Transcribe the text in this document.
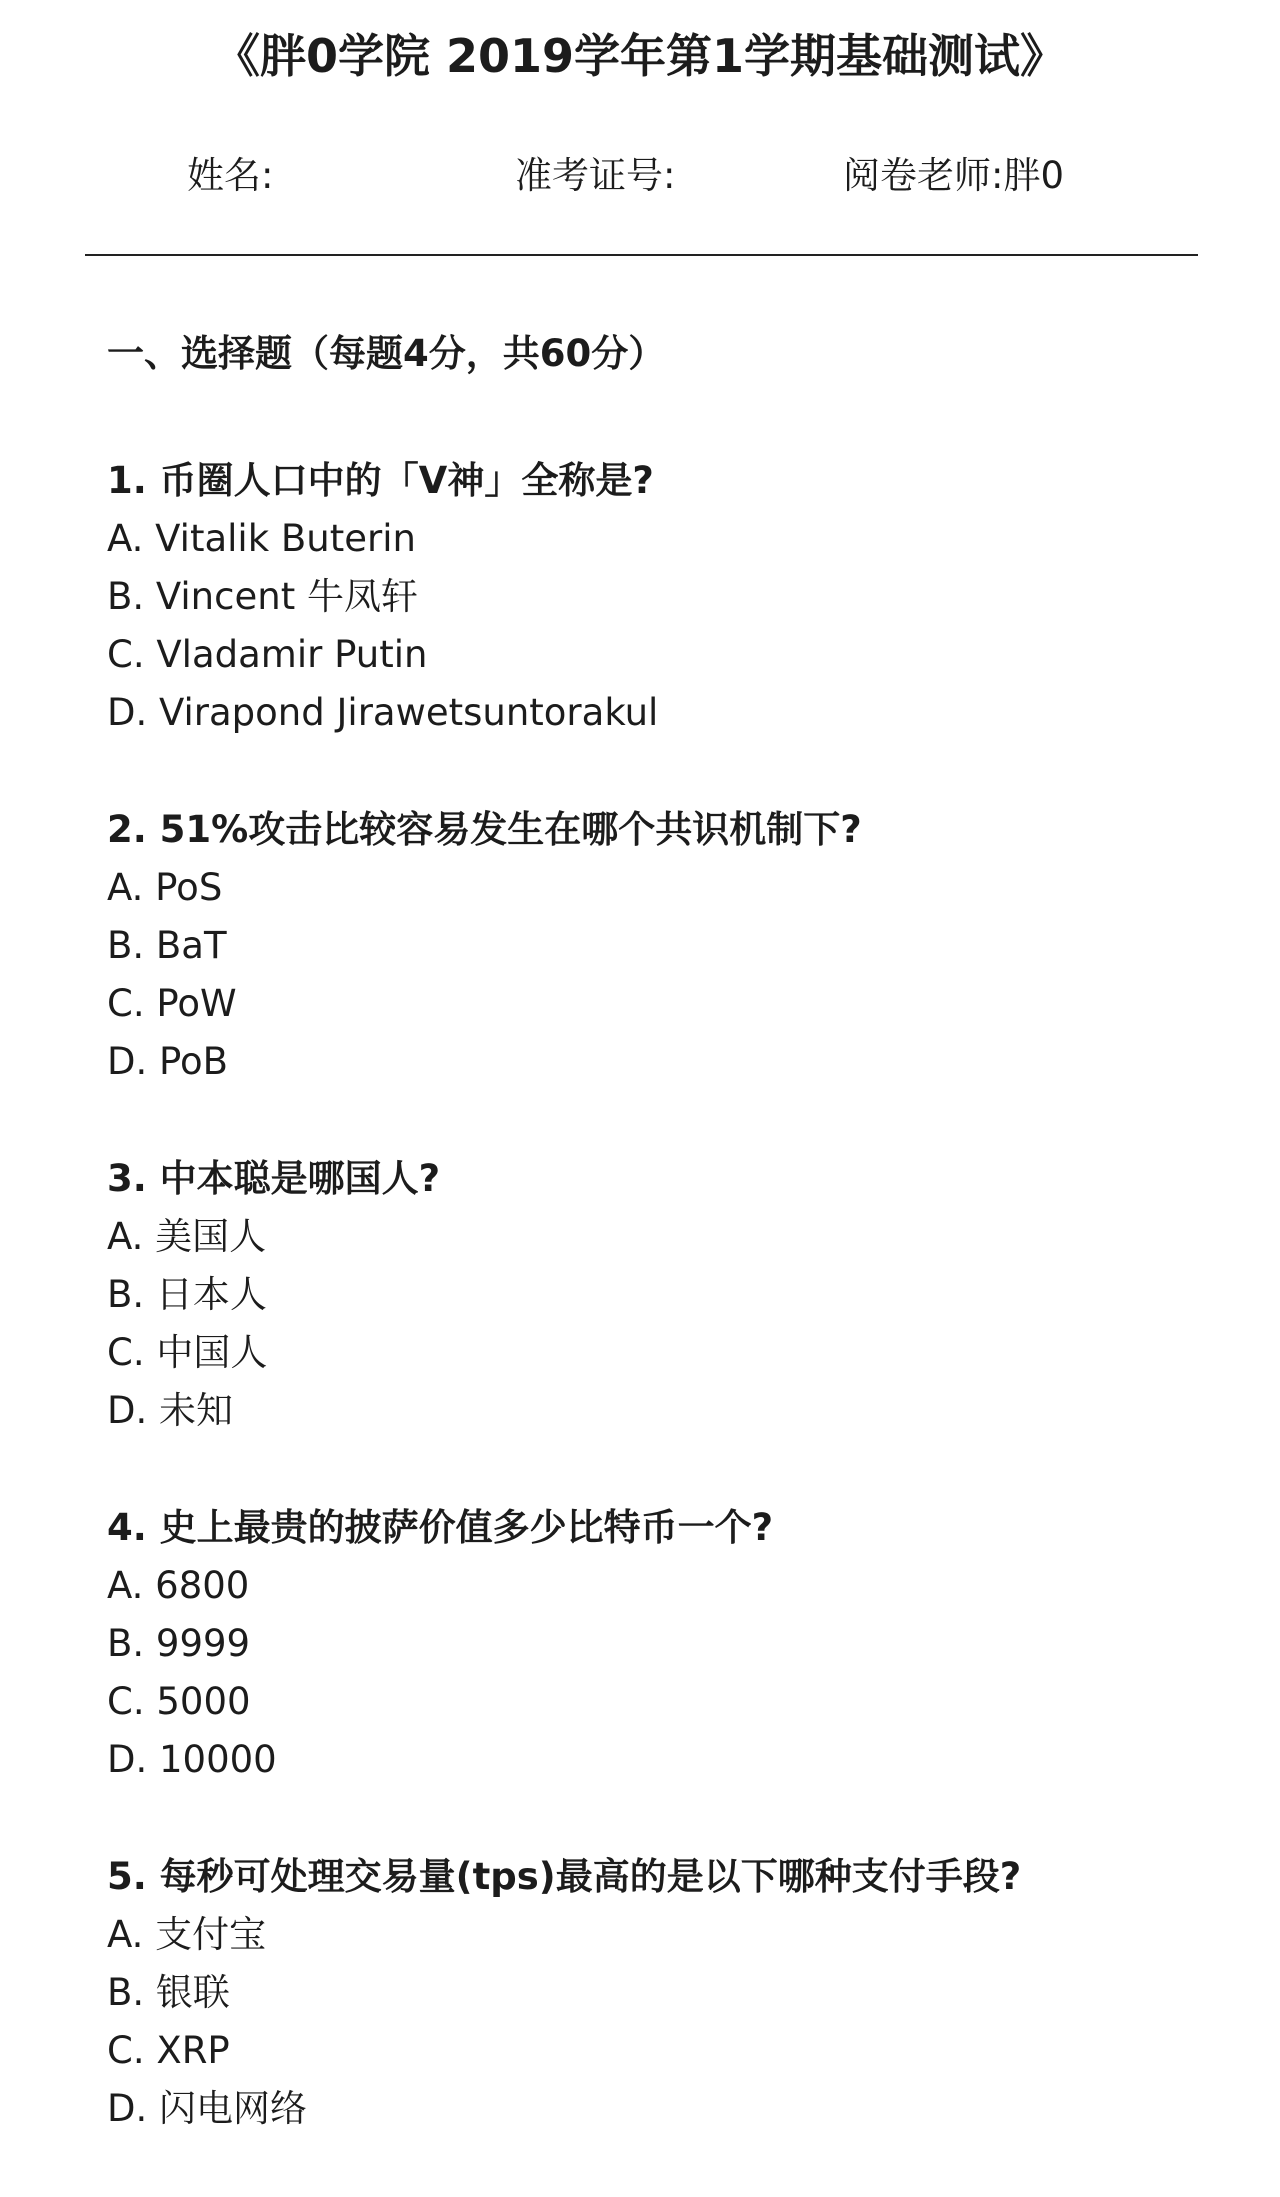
《胖0学院 2019学年第1学期基础测试》
姓名:	准考证号:	阅卷老师:胖0
一、选择题（每题4分，共60分）
1. 币圈人口中的「V神」全称是?
A. Vitalik Buterin
B. Vincent 牛凤轩
C. Vladamir Putin
D. Virapond Jirawetsuntorakul
2. 51%攻击比较容易发生在哪个共识机制下?
A. PoS
B. BaT
C. PoW
D. PoB
3. 中本聪是哪国人?
A. 美国人
B. 日本人
C. 中国人
D. 未知
4. 史上最贵的披萨价值多少比特币一个?
A. 6800
B. 9999
C. 5000
D. 10000
5. 每秒可处理交易量(tps)最高的是以下哪种支付手段?
A. 支付宝
B. 银联
C. XRP
D. 闪电网络
